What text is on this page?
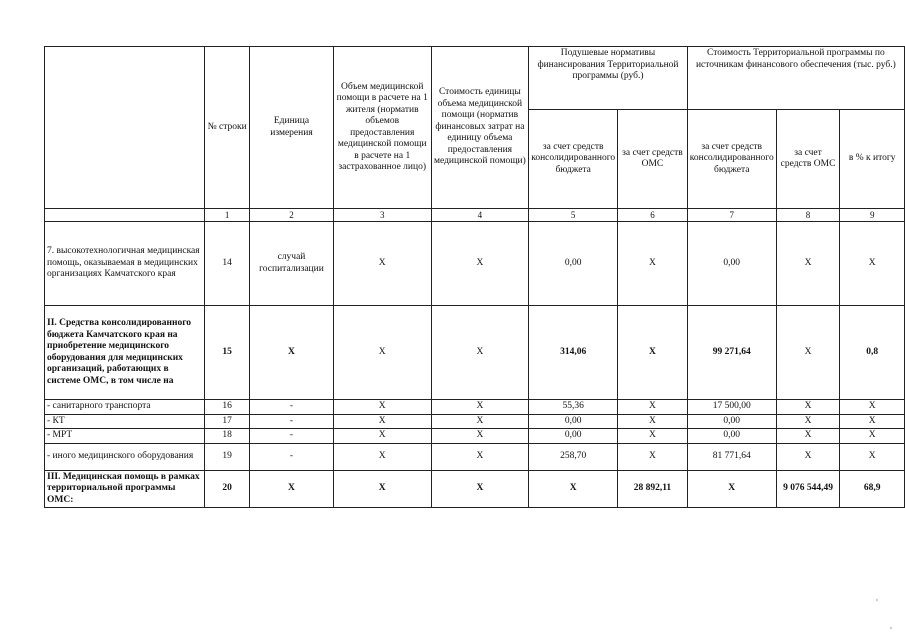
	№ строки	Единица измерения	Объем медицинской помощи в расчете на 1 жителя (норматив объемов предоставления медицинской помощи в расчете на 1 застрахованное лицо)	Стоимость единицы объема медицинской помощи (норматив финансовых затрат на единицу объема предоставления медицинской помощи)	Подушевые нормативы финансирования Территориальной программы (руб.)		Стоимость Территориальной программы по источникам финансового обеспечения (тыс. руб.)		
					за счет средств консолидированного бюджета	за счет средств ОМС	за счет средств консолидированного бюджета	за счет средств ОМС	в % к итогу
	1	2	3	4	5	6	7	8	9
7. высокотехнологичная медицинская помощь, оказываемая в медицинских организациях Камчатского края	14	случай госпитализации	Х	Х	0,00	Х	0,00	Х	Х
II. Средства консолидированного бюджета Камчатского края на приобретение медицинского оборудования для медицинских организаций, работающих в системе ОМС, в том числе на	15	Х	Х	Х	314,06	Х	99 271,64	Х	0,8
- санитарного транспорта	16	-	Х	Х	55,36	Х	17 500,00	Х	Х
- КТ	17	-	Х	Х	0,00	Х	0,00	Х	Х
- МРТ	18	-	Х	Х	0,00	Х	0,00	Х	Х
- иного медицинского оборудования	19	-	Х	Х	258,70	Х	81 771,64	Х	Х
III. Медицинская помощь в рамках территориальной программы ОМС:	20	Х	Х	Х	Х	28 892,11	Х	9 076 544,49	68,9
